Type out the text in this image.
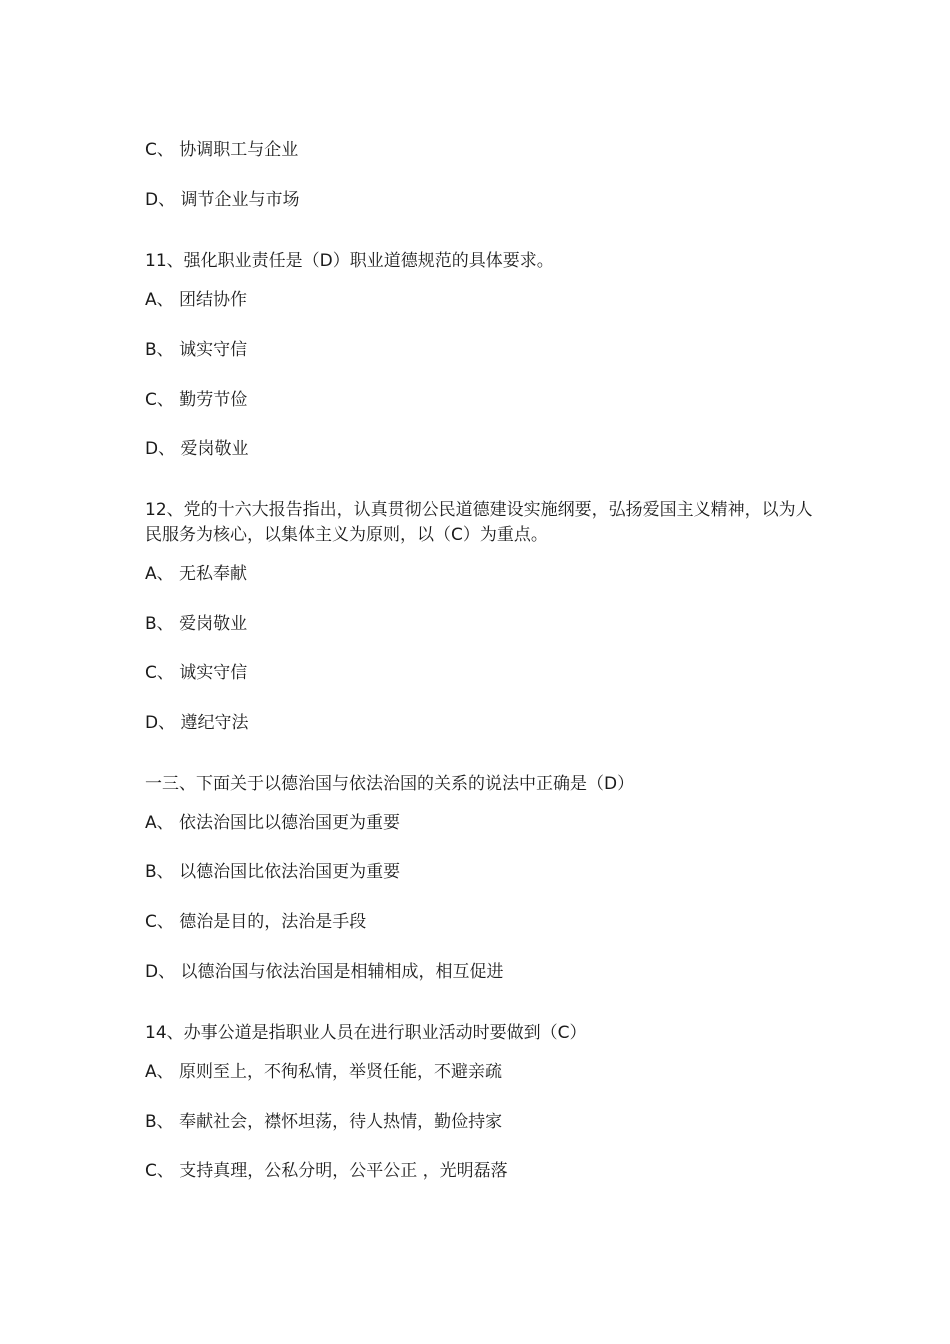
C、 协调职工与企业
D、 调节企业与市场
11、强化职业责任是（D）职业道德规范的具体要求。
A、 团结协作
B、 诚实守信
C、 勤劳节俭
D、 爱岗敬业
12、党的十六大报告指出，认真贯彻公民道德建设实施纲要，弘扬爱国主义精神，以为人民服务为核心，以集体主义为原则，以（C）为重点。
A、 无私奉献
B、 爱岗敬业
C、 诚实守信
D、 遵纪守法
一三、下面关于以德治国与依法治国的关系的说法中正确是（D）
A、 依法治国比以德治国更为重要
B、 以德治国比依法治国更为重要
C、 德治是目的，法治是手段
D、 以德治国与依法治国是相辅相成，相互促进
14、办事公道是指职业人员在进行职业活动时要做到（C）
A、 原则至上，不徇私情，举贤任能，不避亲疏
B、 奉献社会，襟怀坦荡，待人热情，勤俭持家
C、 支持真理，公私分明，公平公正 ，光明磊落
